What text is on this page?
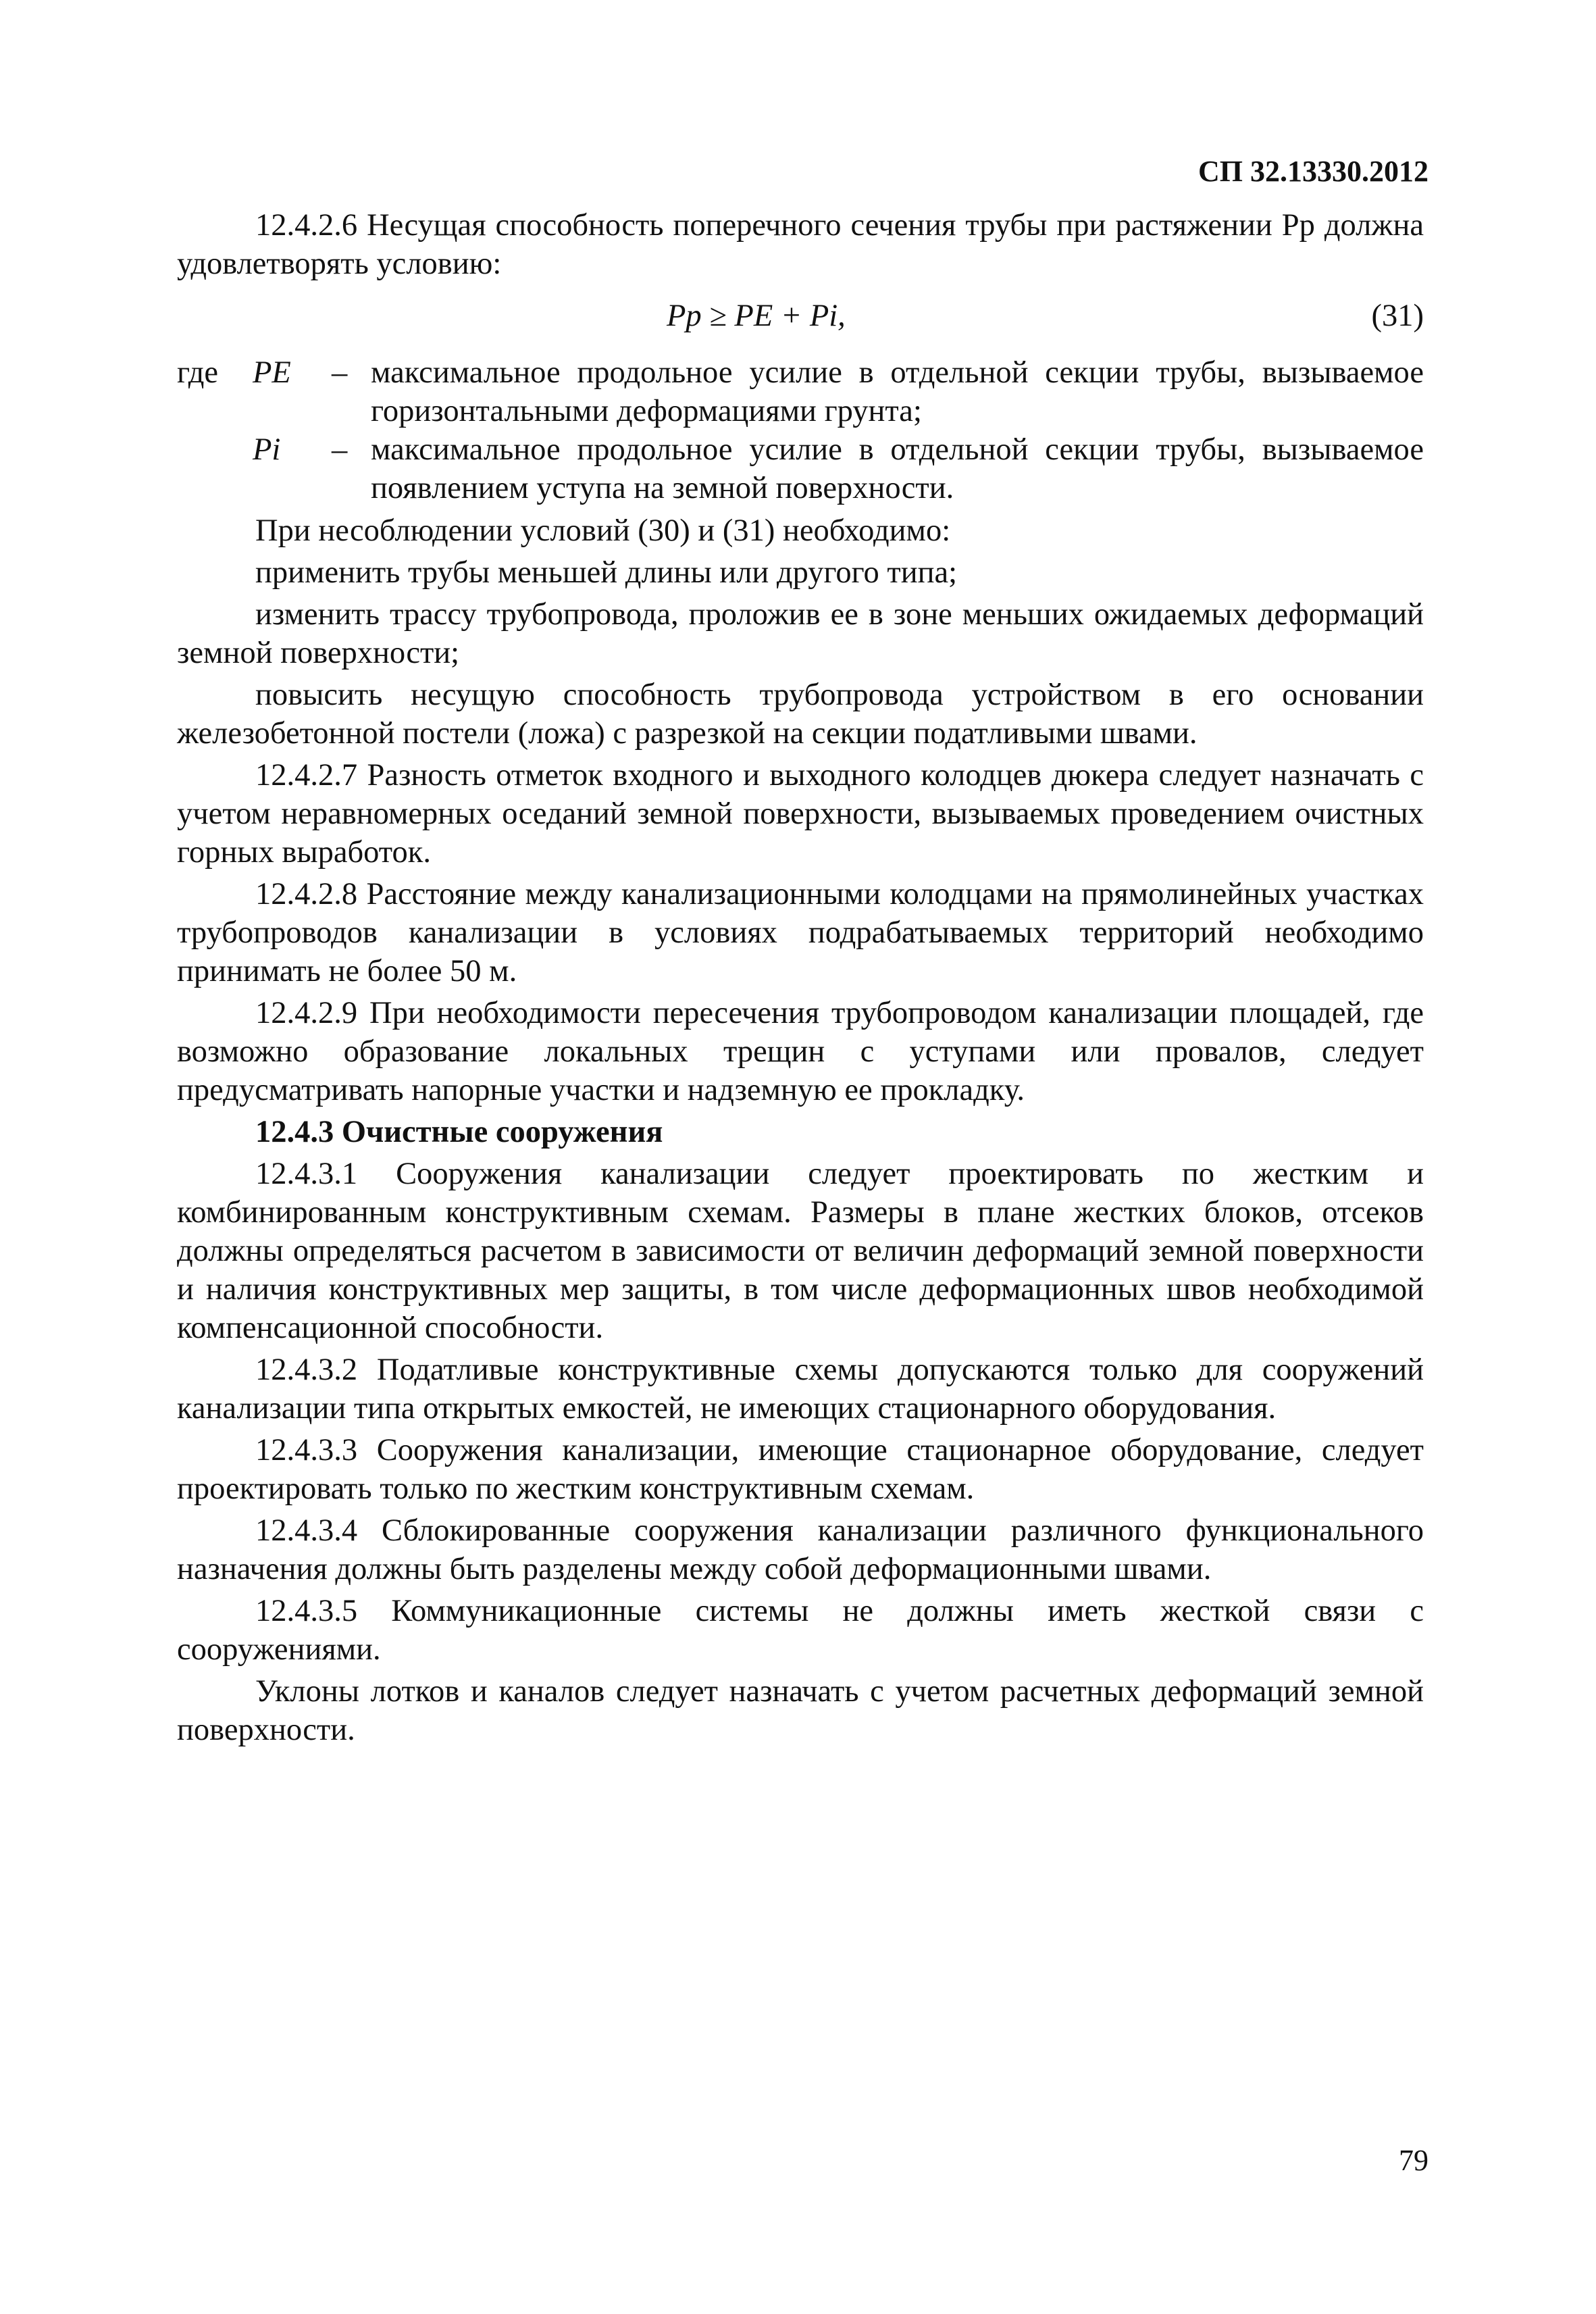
СП 32.13330.2012

12.4.2.6 Несущая способность поперечного сечения трубы при растяжении Pp должна удовлетворять условию:

Pp ≥ PE + Pi,	(31)
где	PE	– максимальное продольное усилие в отдельной секции трубы, вызываемое горизонтальными деформациями грунта;
Pi	– максимальное продольное усилие в отдельной секции трубы, вызываемое появлением уступа на земной поверхности.

При несоблюдении условий (30) и (31) необходимо:

применить трубы меньшей длины или другого типа;

изменить трассу трубопровода, проложив ее в зоне меньших ожидаемых деформаций земной поверхности;

повысить несущую способность трубопровода устройством в его основании железобетонной постели (ложа) с разрезкой на секции податливыми швами.

12.4.2.7 Разность отметок входного и выходного колодцев дюкера следует назначать с учетом неравномерных оседаний земной поверхности, вызываемых проведением очистных горных выработок.

12.4.2.8 Расстояние между канализационными колодцами на прямолинейных участках трубопроводов канализации в условиях подрабатываемых территорий необходимо принимать не более 50 м.

12.4.2.9 При необходимости пересечения трубопроводом канализации площадей, где возможно образование локальных трещин с уступами или провалов, следует предусматривать напорные участки и надземную ее прокладку.

12.4.3 Очистные сооружения

12.4.3.1 Сооружения канализации следует проектировать по жестким и комбинированным конструктивным схемам. Размеры в плане жестких блоков, отсеков должны определяться расчетом в зависимости от величин деформаций земной поверхности и наличия конструктивных мер защиты, в том числе деформационных швов необходимой компенсационной способности.

12.4.3.2 Податливые конструктивные схемы допускаются только для сооружений канализации типа открытых емкостей, не имеющих стационарного оборудования.

12.4.3.3 Сооружения канализации, имеющие стационарное оборудование, следует проектировать только по жестким конструктивным схемам.

12.4.3.4 Сблокированные сооружения канализации различного функционального назначения должны быть разделены между собой деформационными швами.

12.4.3.5 Коммуникационные системы не должны иметь жесткой связи с сооружениями.

Уклоны лотков и каналов следует назначать с учетом расчетных деформаций земной поверхности.

79
